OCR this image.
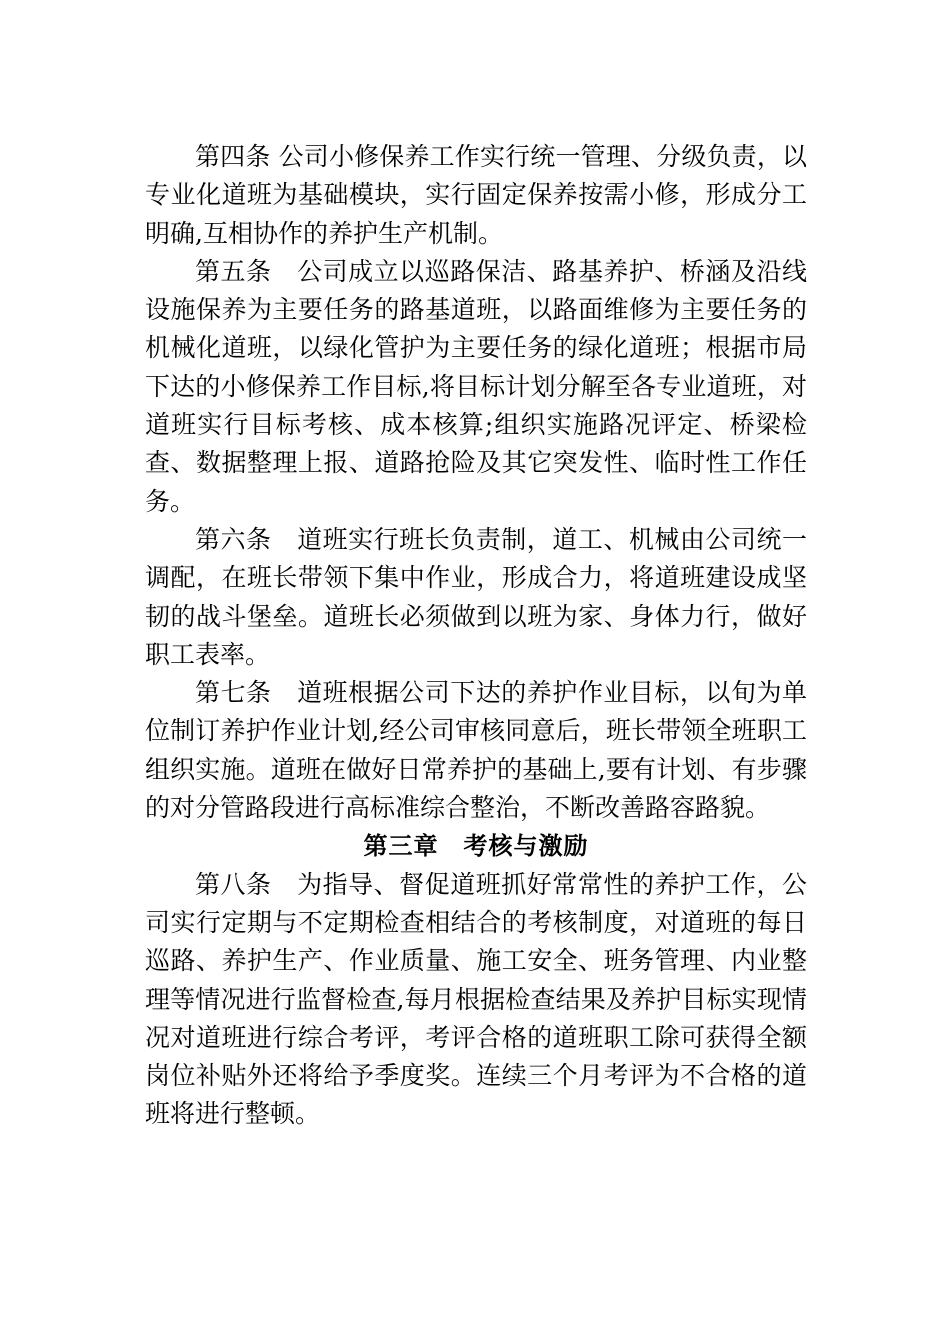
第四条 公司小修保养工作实行统一管理、分级负责，以专业化道班为基础模块，实行固定保养按需小修，形成分工明确,互相协作的养护生产机制。

第五条　公司成立以巡路保洁、路基养护、桥涵及沿线设施保养为主要任务的路基道班，以路面维修为主要任务的机械化道班，以绿化管护为主要任务的绿化道班；根据市局下达的小修保养工作目标,将目标计划分解至各专业道班，对道班实行目标考核、成本核算;组织实施路况评定、桥梁检查、数据整理上报、道路抢险及其它突发性、临时性工作任务。

第六条　道班实行班长负责制，道工、机械由公司统一调配，在班长带领下集中作业，形成合力，将道班建设成坚韧的战斗堡垒。道班长必须做到以班为家、身体力行，做好职工表率。

第七条　道班根据公司下达的养护作业目标，以旬为单位制订养护作业计划,经公司审核同意后，班长带领全班职工组织实施。道班在做好日常养护的基础上,要有计划、有步骤的对分管路段进行高标准综合整治，不断改善路容路貌。

第三章　考核与激励

第八条　为指导、督促道班抓好常常性的养护工作，公司实行定期与不定期检查相结合的考核制度，对道班的每日巡路、养护生产、作业质量、施工安全、班务管理、内业整理等情况进行监督检查,每月根据检查结果及养护目标实现情况对道班进行综合考评，考评合格的道班职工除可获得全额岗位补贴外还将给予季度奖。连续三个月考评为不合格的道班将进行整顿。
